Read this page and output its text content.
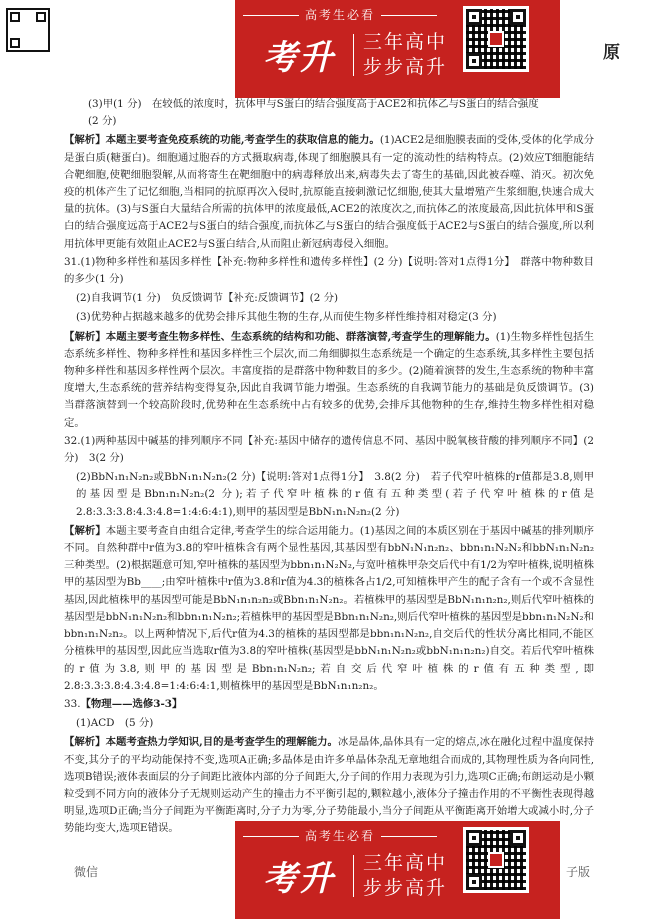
高考生必看
考升 三年高中
步步高升
原
(3)甲(1 分)　在较低的浓度时，抗体甲与S蛋白的结合强度高于ACE2和抗体乙与S蛋白的结合强度
(2 分)

【解析】本题主要考查免疫系统的功能,考查学生的获取信息的能力。(1)ACE2是细胞膜表面的受体,受体的化学成分是蛋白质(糖蛋白)。细胞通过胞吞的方式摄取病毒,体现了细胞膜具有一定的流动性的结构特点。(2)效应T细胞能结合靶细胞,使靶细胞裂解,从而将寄生在靶细胞中的病毒释放出来,病毒失去了寄生的基础,因此被吞噬、消灭。初次免疫的机体产生了记忆细胞,当相同的抗原再次入侵时,抗原能直接刺激记忆细胞,使其大量增殖产生浆细胞,快速合成大量的抗体。(3)与S蛋白大量结合所需的抗体甲的浓度最低,ACE2的浓度次之,而抗体乙的浓度最高,因此抗体甲和S蛋白的结合强度远高于ACE2与S蛋白的结合强度,而抗体乙与S蛋白的结合强度低于ACE2与S蛋白的结合强度,所以利用抗体甲更能有效阻止ACE2与S蛋白结合,从而阻止新冠病毒侵入细胞。

31.(1)物种多样性和基因多样性【补充:物种多样性和遗传多样性】(2 分)【说明:答对1点得1分】　群落中物种数目的多少(1 分)
(2)自我调节(1 分)　负反馈调节【补充:反馈调节】(2 分)
(3)优势种占据越来越多的优势会排斥其他生物的生存,从而使生物多样性维持相对稳定(3 分)

【解析】本题主要考查生物多样性、生态系统的结构和功能、群落演替,考查学生的理解能力。(1)生物多样性包括生态系统多样性、物种多样性和基因多样性三个层次,而二角细脚拟生态系统是一个确定的生态系统,其多样性主要包括物种多样性和基因多样性两个层次。丰富度指的是群落中物种数目的多少。(2)随着演替的发生,生态系统的物种丰富度增大,生态系统的营养结构变得复杂,因此自我调节能力增强。生态系统的自我调节能力的基础是负反馈调节。(3)当群落演替到一个较高阶段时,优势种在生态系统中占有较多的优势,会排斥其他物种的生存,维持生物多样性相对稳定。

32.(1)两种基因中碱基的排列顺序不同【补充:基因中储存的遗传信息不同、基因中脱氧核苷酸的排列顺序不同】(2 分)　3(2 分)
(2)BbN₁n₁N₂n₂或BbN₁n₁N₂n₂(2 分)【说明:答对1点得1分】　3.8(2 分)　若子代窄叶植株的r值都是3.8,则甲的基因型是Bbn₁n₁N₂n₂(2 分);若子代窄叶植株的r值有五种类型(若子代窄叶植株的r值是 2.8:3.3:3.8:4.3:4.8=1:4:6:4:1),则甲的基因型是BbN₁n₁N₂n₂(2 分)

【解析】本题主要考查自由组合定律,考查学生的综合运用能力。(1)基因之间的本质区别在于基因中碱基的排列顺序不同。自然种群中r值为3.8的窄叶植株含有两个显性基因,其基因型有bbN₁N₁n₂n₂、bbn₁n₁N₂N₂和bbN₁n₁N₂n₂三种类型。(2)根据题意可知,窄叶植株的基因型为bbn₁n₁N₂N₂,与宽叶植株甲杂交后代中有1/2为窄叶植株,说明植株甲的基因型为Bb____;由窄叶植株中r值为3.8和r值为4.3的植株各占1/2,可知植株甲产生的配子含有一个或不含显性基因,因此植株甲的基因型可能是BbN₁n₁n₂n₂或Bbn₁n₁N₂n₂。若植株甲的基因型是BbN₁n₁n₂n₂,则后代窄叶植株的基因型是bbN₁n₁N₂n₂和bbn₁n₁N₂n₂;若植株甲的基因型是Bbn₁n₁N₂n₂,则后代窄叶植株的基因型是bbn₁n₁N₂N₂和bbn₁n₁N₂n₂。以上两种情况下,后代r值为4.3的植株的基因型都是bbn₁n₁N₂n₂,自交后代的性状分离比相同,不能区分植株甲的基因型,因此应当选取r值为3.8的窄叶植株(基因型是bbN₁n₁N₂n₂或bbN₁n₁n₂n₂)自交。若后代窄叶植株的r值为3.8,则甲的基因型是Bbn₁n₁N₂n₂;若自交后代窄叶植株的r值有五种类型,即2.8:3.3:3.8:4.3:4.8=1:4:6:4:1,则植株甲的基因型是BbN₁n₁n₂n₂。

33.【物理——选修3-3】
(1)ACD　(5 分)

【解析】本题考查热力学知识,目的是考查学生的理解能力。冰是晶体,晶体具有一定的熔点,冰在融化过程中温度保持不变,其分子的平均动能保持不变,选项A正确;多晶体是由许多单晶体杂乱无章地组合而成的,其物理性质为各向同性,选项B错误;液体表面层的分子间距比液体内部的分子间距大,分子间的作用力表现为引力,选项C正确;布朗运动是小颗粒受到不同方向的液体分子无规则运动产生的撞击力不平衡引起的,颗粒越小,液体分子撞击作用的不平衡性表现得越明显,选项D正确;当分子间距为平衡距离时,分子力为零,分子势能最小,当分子间距从平衡距离开始增大或减小时,分子势能均变大,选项E错误。

微信
高考生必看
考升 三年高中
步步高升
子版
